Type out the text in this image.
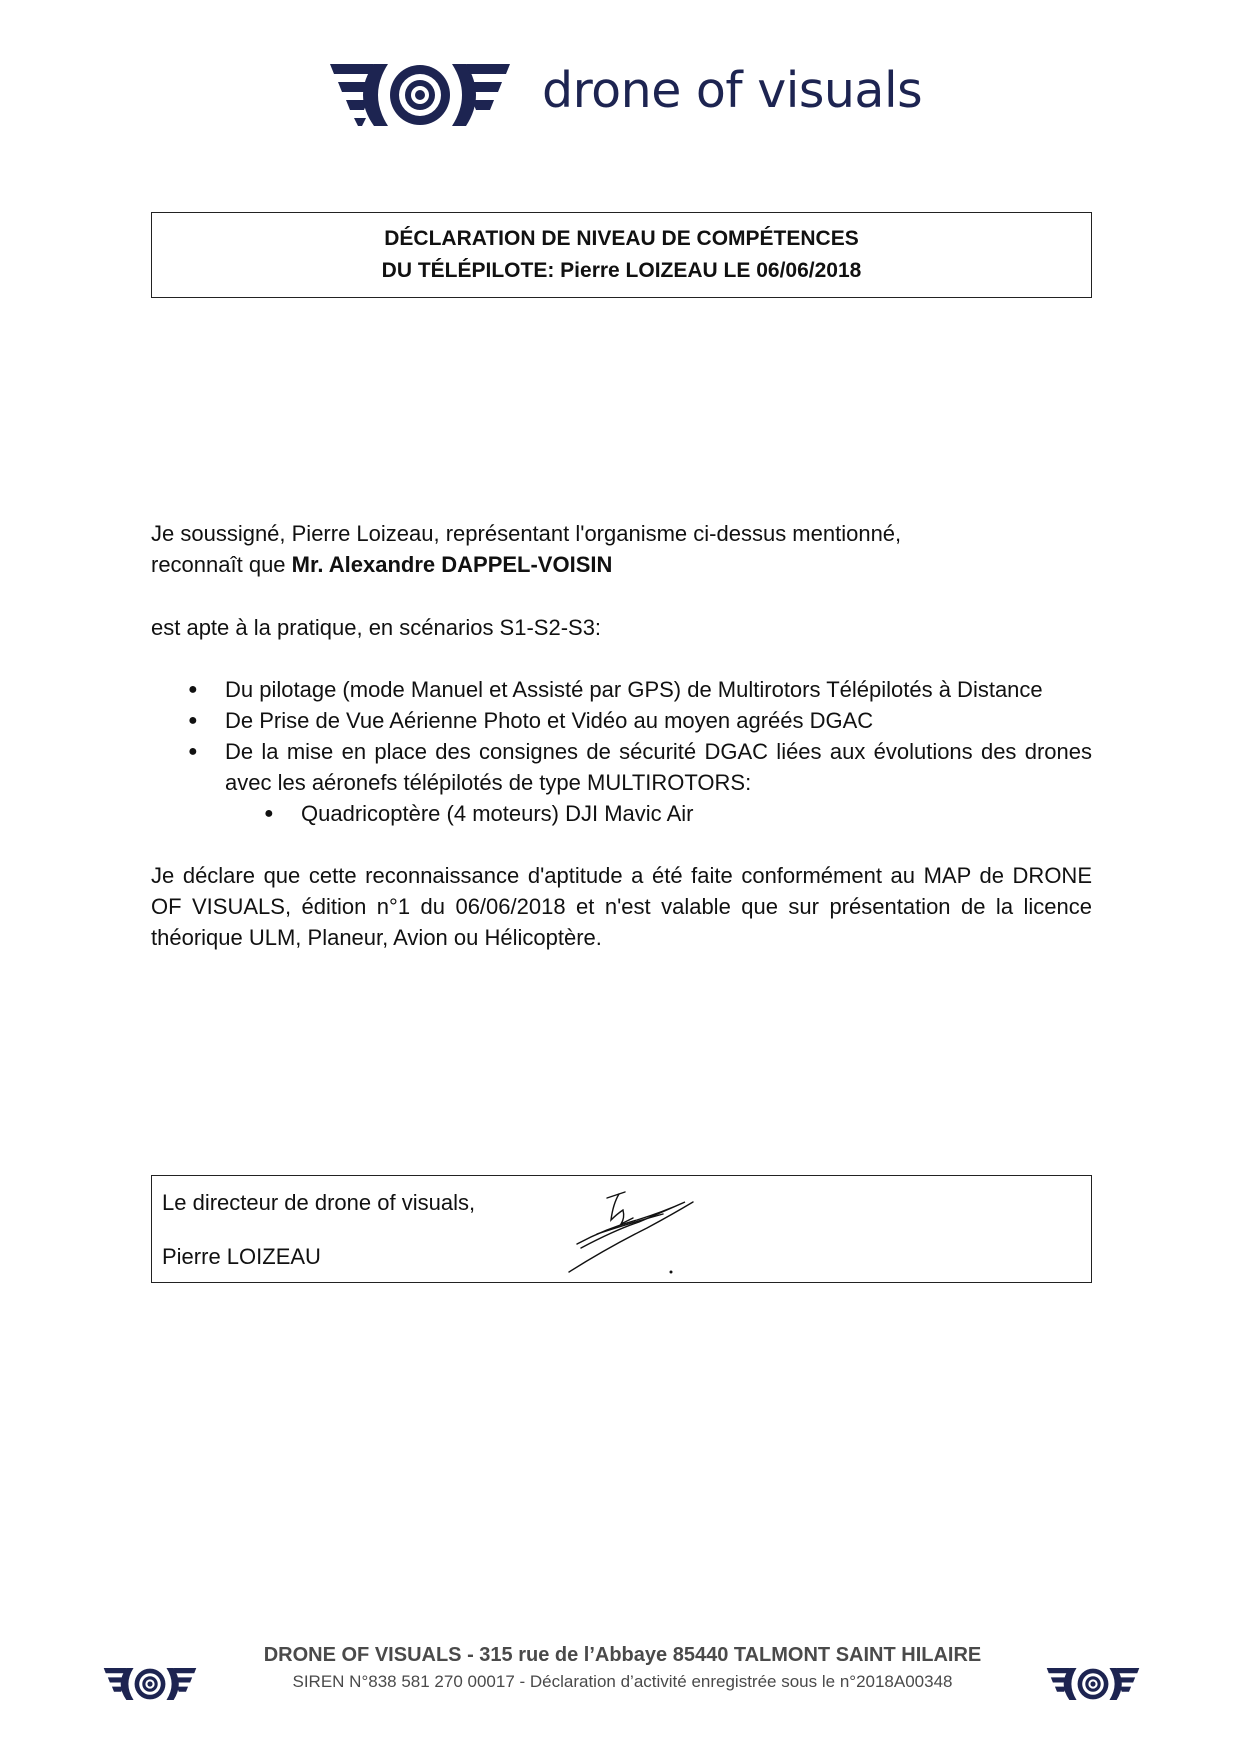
drone of visuals
DÉCLARATION DE NIVEAU DE COMPÉTENCES
DU TÉLÉPILOTE: Pierre LOIZEAU LE 06/06/2018
Je soussigné, Pierre Loizeau, représentant l'organisme ci-dessus mentionné,
reconnaît que Mr. Alexandre DAPPEL-VOISIN
est apte à la pratique, en scénarios S1-S2-S3:
● Du pilotage (mode Manuel et Assisté par GPS) de Multirotors Télépilotés à Distance
● De Prise de Vue Aérienne Photo et Vidéo au moyen agréés DGAC
● De la mise en place des consignes de sécurité DGAC liées aux évolutions des drones avec les aéronefs télépilotés de type MULTIROTORS:
● Quadricoptère (4 moteurs) DJI Mavic Air
Je déclare que cette reconnaissance d'aptitude a été faite conformément au MAP de DRONE OF VISUALS, édition n°1 du 06/06/2018 et n'est valable que sur présentation de la licence théorique ULM, Planeur, Avion ou Hélicoptère.
Le directeur de drone of visuals,
Pierre LOIZEAU
DRONE OF VISUALS - 315 rue de l’Abbaye 85440 TALMONT SAINT HILAIRE
SIREN N°838 581 270 00017 - Déclaration d’activité enregistrée sous le n°2018A00348
